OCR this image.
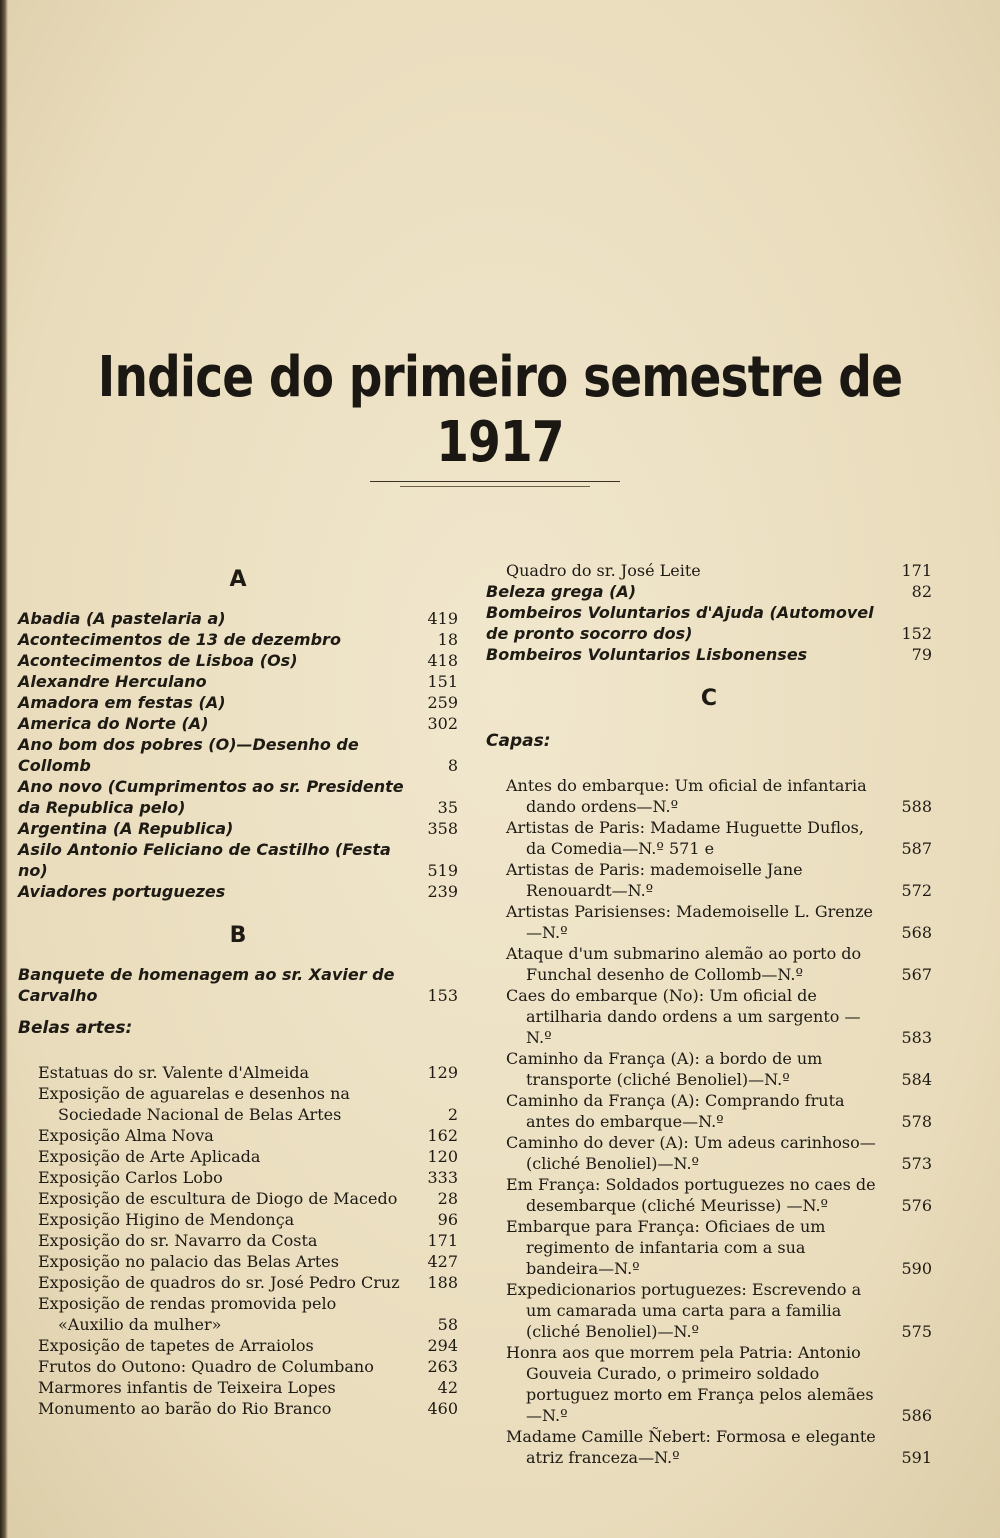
Indice do primeiro semestre de 1917
A
Abadia (A pastelaria a)	419
Acontecimentos de 13 de dezembro	18
Acontecimentos de Lisboa (Os)	418
Alexandre Herculano	151
Amadora em festas (A)	259
America do Norte (A)	302
Ano bom dos pobres (O)—Desenho de Collomb	8
Ano novo (Cumprimentos ao sr. Presidente da Republica pelo)	35
Argentina (A Republica)	358
Asilo Antonio Feliciano de Castilho (Festa no)	519
Aviadores portuguezes	239
B
Banquete de homenagem ao sr. Xavier de Carvalho	153
Belas artes:
Estatuas do sr. Valente d'Almeida	129
Exposição de aguarelas e desenhos na Sociedade Nacional de Belas Artes	2
Exposição Alma Nova	162
Exposição de Arte Aplicada	120
Exposição Carlos Lobo	333
Exposição de escultura de Diogo de Macedo	28
Exposição Higino de Mendonça	96
Exposição do sr. Navarro da Costa	171
Exposição no palacio das Belas Artes	427
Exposição de quadros do sr. José Pedro Cruz	188
Exposição de rendas promovida pelo «Auxilio da mulher»	58
Exposição de tapetes de Arraiolos	294
Frutos do Outono: Quadro de Columbano	263
Marmores infantis de Teixeira Lopes	42
Monumento ao barão do Rio Branco	460
Quadro do sr. José Leite	171
Beleza grega (A)	82
Bombeiros Voluntarios d'Ajuda (Automovel de pronto socorro dos)	152
Bombeiros Voluntarios Lisbonenses	79
C
Capas:
Antes do embarque: Um oficial de infantaria dando ordens—N.º	588
Artistas de Paris: Madame Huguette Duflos, da Comedia—N.º 571 e	587
Artistas de Paris: mademoiselle Jane Renouardt—N.º	572
Artistas Parisienses: Mademoiselle L. Grenze—N.º	568
Ataque d'um submarino alemão ao porto do Funchal desenho de Collomb—N.º	567
Caes do embarque (No): Um oficial de artilharia dando ordens a um sargento —N.º	583
Caminho da França (A): a bordo de um transporte (cliché Benoliel)—N.º	584
Caminho da França (A): Comprando fruta antes do embarque—N.º	578
Caminho do dever (A): Um adeus carinhoso—(cliché Benoliel)—N.º	573
Em França: Soldados portuguezes no caes de desembarque (cliché Meurisse) —N.º	576
Embarque para França: Oficiaes de um regimento de infantaria com a sua bandeira—N.º	590
Expedicionarios portuguezes: Escrevendo a um camarada uma carta para a familia (cliché Benoliel)—N.º	575
Honra aos que morrem pela Patria: Antonio Gouveia Curado, o primeiro soldado portuguez morto em França pelos alemães—N.º	586
Madame Camille Ñebert: Formosa e elegante atriz franceza—N.º	591
